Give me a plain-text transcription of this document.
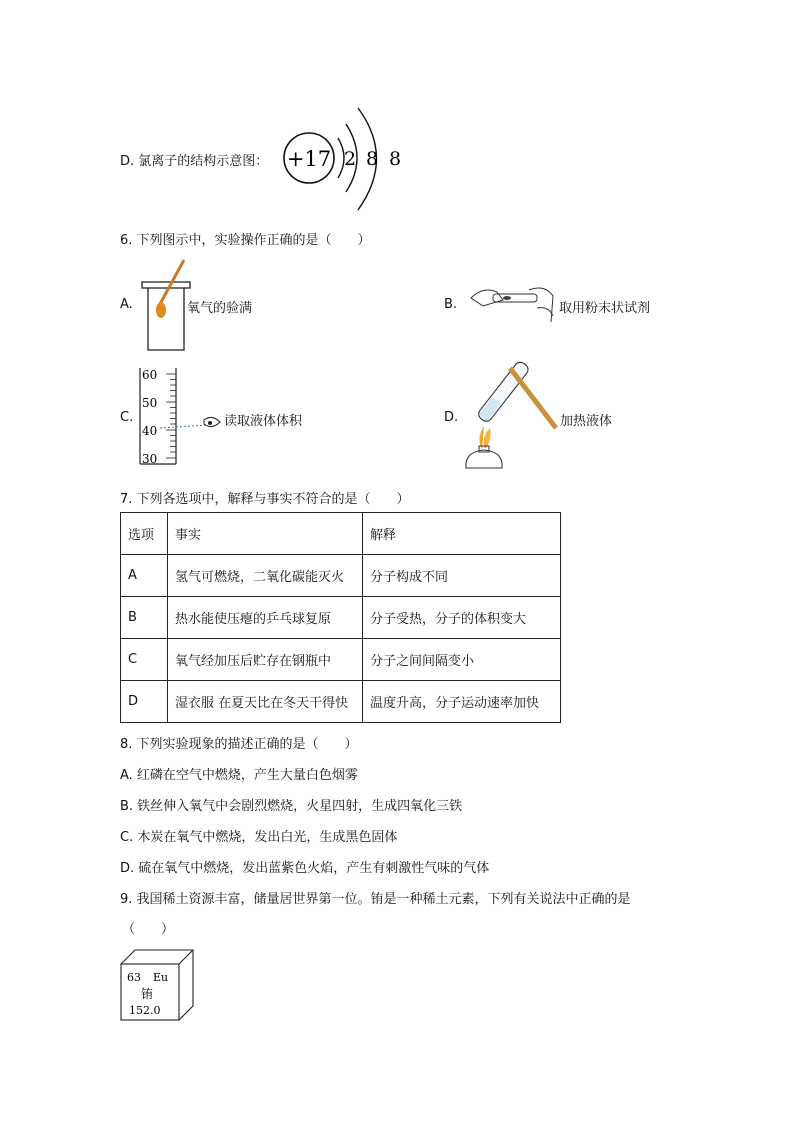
D. 氯离子的结构示意图： +17 2 8 8
6. 下列图示中，实验操作正确的是（　　）
A.	氧气的验满	B.	取用粉末状试剂
C.
60
50
40
30
读取液体体积	D.	加热液体
7. 下列各选项中，解释与事实不符合的是（　　）
选项	事实	解释
A	氢气可燃烧，二氧化碳能灭火	分子构成不同
B	热水能使压瘪的乒乓球复原	分子受热，分子的体积变大
C	氧气经加压后贮存在钢瓶中	分子之间间隔变小
D	湿衣服 在夏天比在冬天干得快	温度升高，分子运动速率加快
8. 下列实验现象的描述正确的是（　　）
A. 红磷在空气中燃烧，产生大量白色烟雾
B. 铁丝伸入氧气中会剧烈燃烧，火星四射，生成四氧化三铁
C. 木炭在氧气中燃烧，发出白光，生成黑色固体
D. 硫在氧气中燃烧，发出蓝紫色火焰，产生有刺激性气味的气体
9. 我国稀土资源丰富，储量居世界第一位。铕是一种稀土元素，下列有关说法中正确的是
（　　）
63 Eu
铕
152.0
